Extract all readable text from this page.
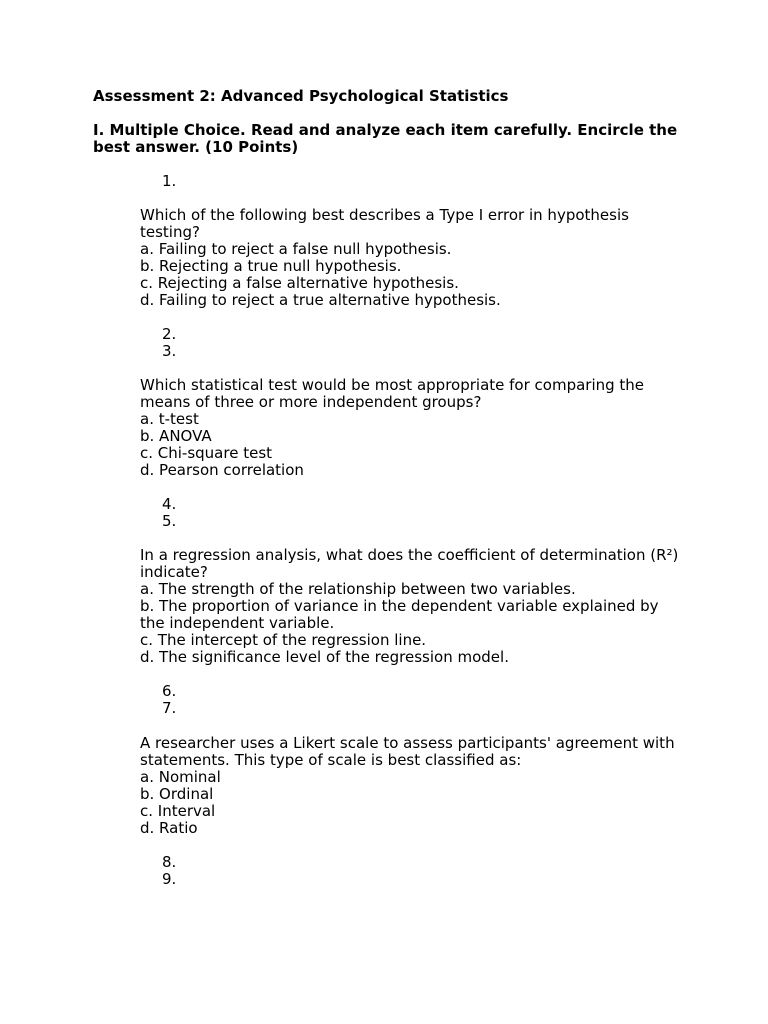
Assessment 2: Advanced Psychological Statistics
I. Multiple Choice. Read and analyze each item carefully. Encircle the best answer. (10 Points)
1.
Which of the following best describes a Type I error in hypothesis testing?
a. Failing to reject a false null hypothesis.
b. Rejecting a true null hypothesis.
c. Rejecting a false alternative hypothesis.
d. Failing to reject a true alternative hypothesis.
2.
3.
Which statistical test would be most appropriate for comparing the means of three or more independent groups?
a. t-test
b. ANOVA
c. Chi-square test
d. Pearson correlation
4.
5.
In a regression analysis, what does the coefficient of determination (R²) indicate?
a. The strength of the relationship between two variables.
b. The proportion of variance in the dependent variable explained by the independent variable.
c. The intercept of the regression line.
d. The significance level of the regression model.
6.
7.
A researcher uses a Likert scale to assess participants' agreement with statements. This type of scale is best classified as:
a. Nominal
b. Ordinal
c. Interval
d. Ratio
8.
9.
